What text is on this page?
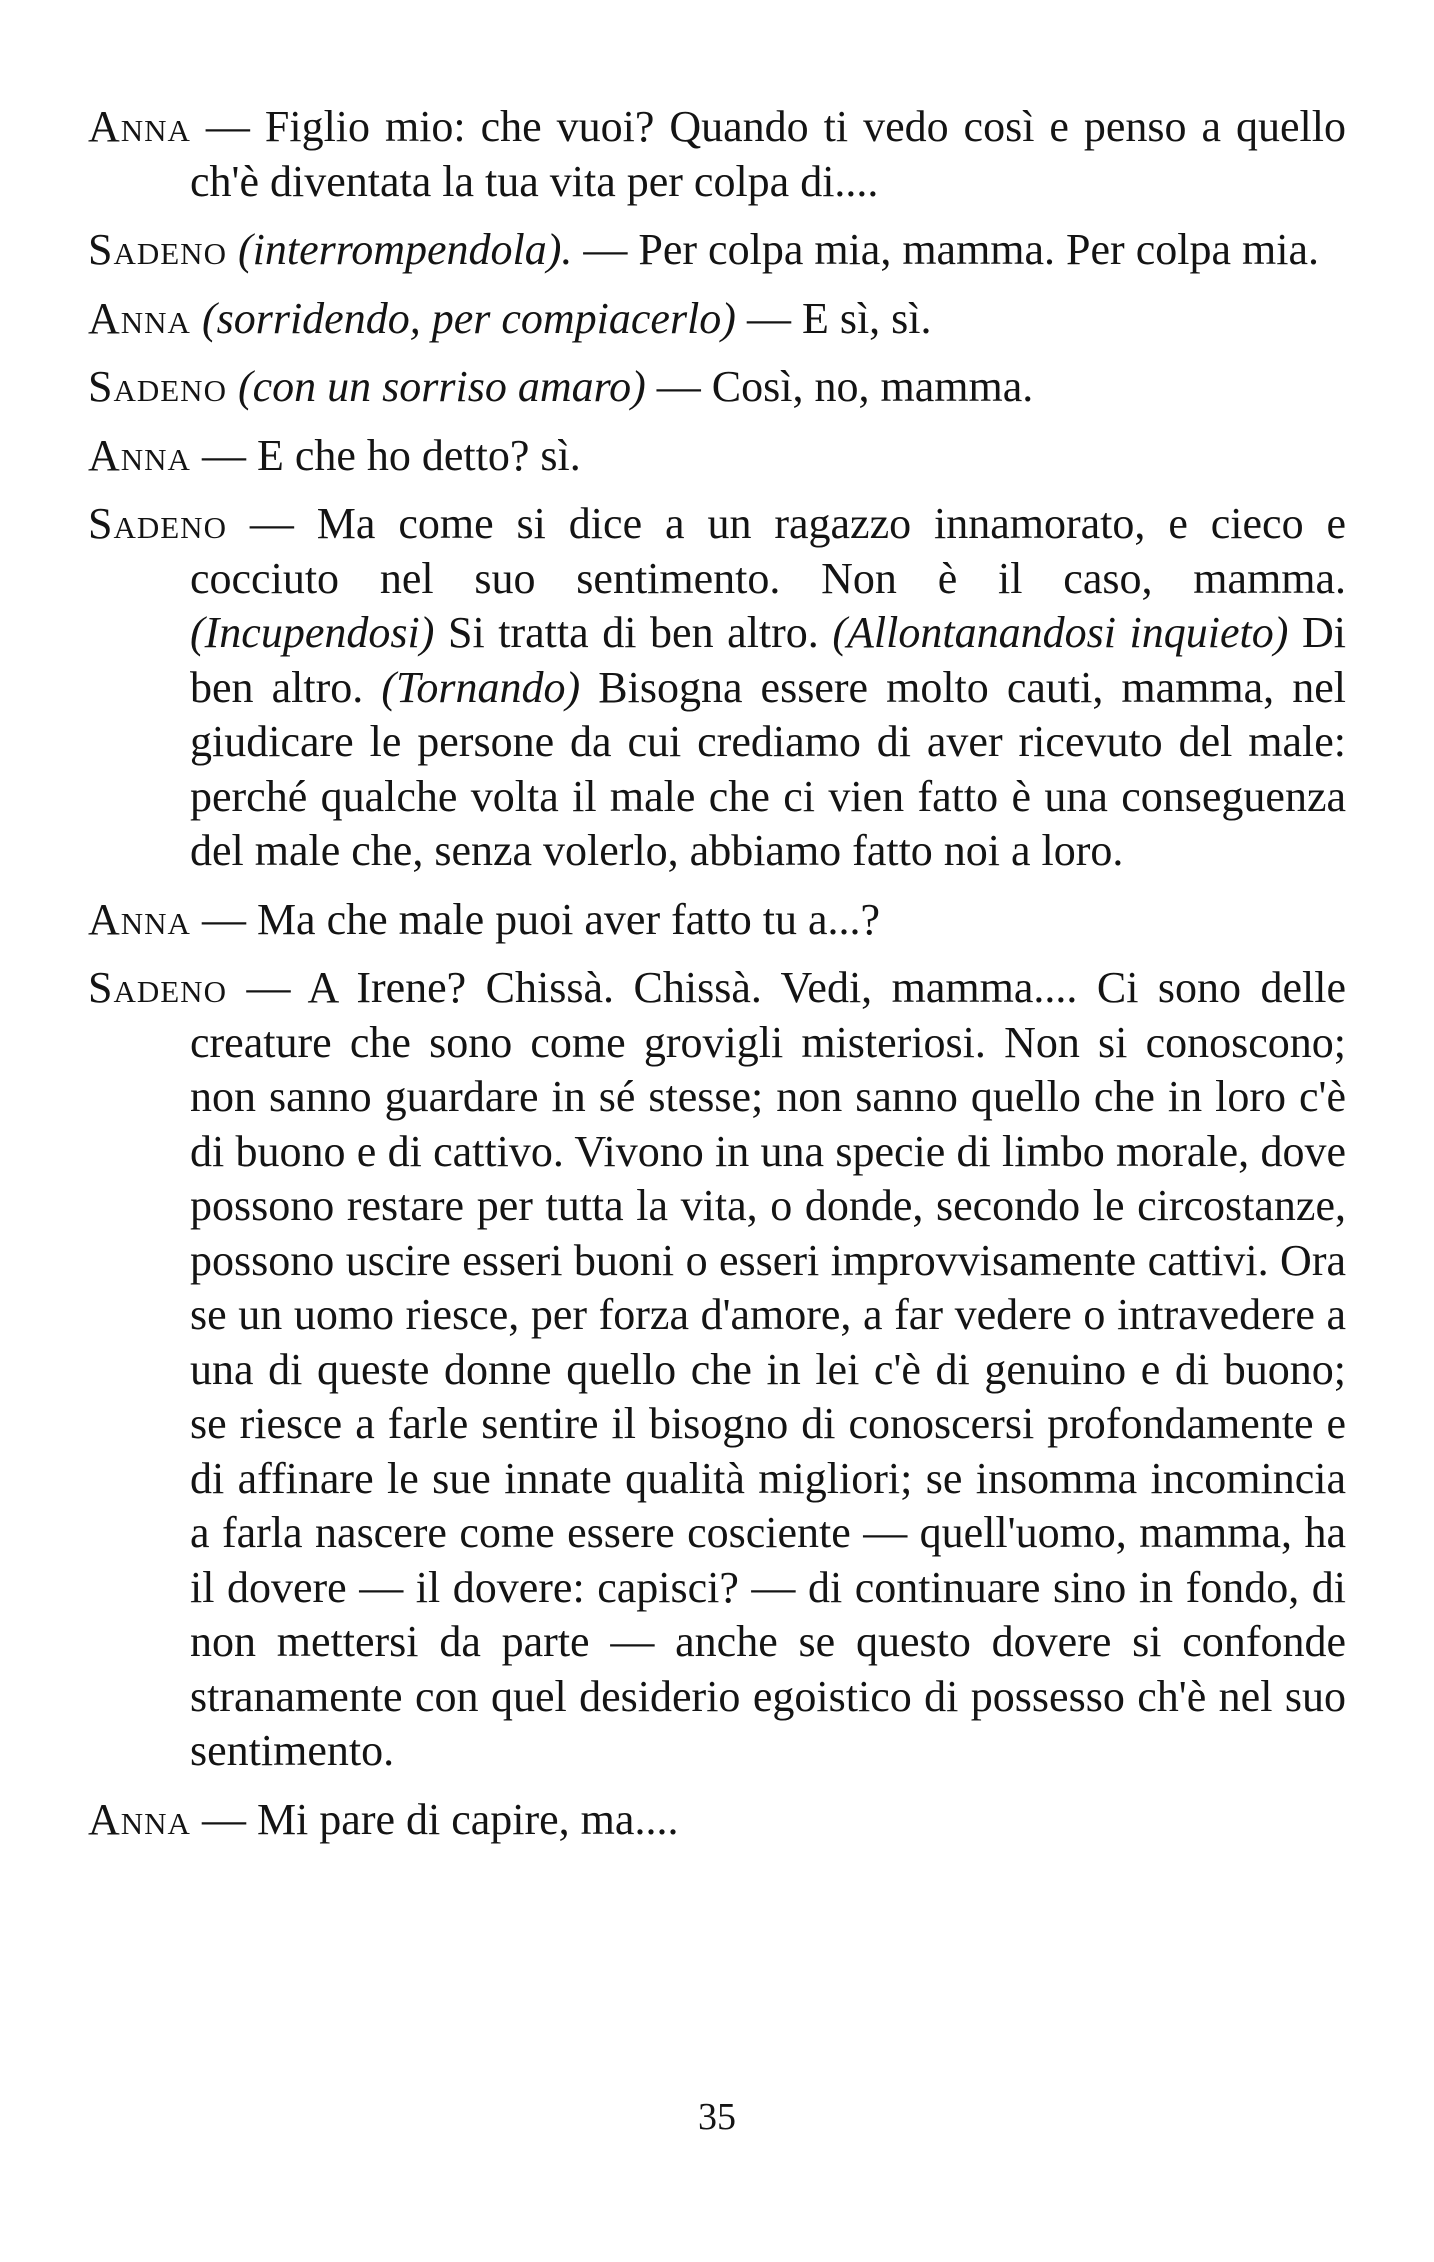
Anna — Figlio mio: che vuoi? Quando ti vedo così e penso a quello ch'è diventata la tua vita per colpa di....

Sadeno (interrompendola). — Per colpa mia, mamma. Per colpa mia.

Anna (sorridendo, per compiacerlo) — E sì, sì.

Sadeno (con un sorriso amaro) — Così, no, mamma.

Anna — E che ho detto? sì.

Sadeno — Ma come si dice a un ragazzo innamorato, e cieco e cocciuto nel suo sentimento. Non è il caso, mamma. (Incupendosi) Si tratta di ben altro. (Allontanandosi inquieto) Di ben altro. (Tornando) Bisogna essere molto cauti, mamma, nel giudicare le persone da cui crediamo di aver ricevuto del male: perché qualche volta il male che ci vien fatto è una conseguenza del male che, senza volerlo, abbiamo fatto noi a loro.

Anna — Ma che male puoi aver fatto tu a...?

Sadeno — A Irene? Chissà. Chissà. Vedi, mamma.... Ci sono delle creature che sono come grovigli misteriosi. Non si conoscono; non sanno guardare in sé stesse; non sanno quello che in loro c'è di buono e di cattivo. Vivono in una specie di limbo morale, dove possono restare per tutta la vita, o donde, secondo le circostanze, possono uscire esseri buoni o esseri improvvisamente cattivi. Ora se un uomo riesce, per forza d'amore, a far vedere o intravedere a una di queste donne quello che in lei c'è di genuino e di buono; se riesce a farle sentire il bisogno di conoscersi profondamente e di affinare le sue innate qualità migliori; se insomma incomincia a farla nascere come essere cosciente — quell'uomo, mamma, ha il dovere — il dovere: capisci? — di continuare sino in fondo, di non mettersi da parte — anche se questo dovere si confonde stranamente con quel desiderio egoistico di possesso ch'è nel suo sentimento.

Anna — Mi pare di capire, ma....

35
